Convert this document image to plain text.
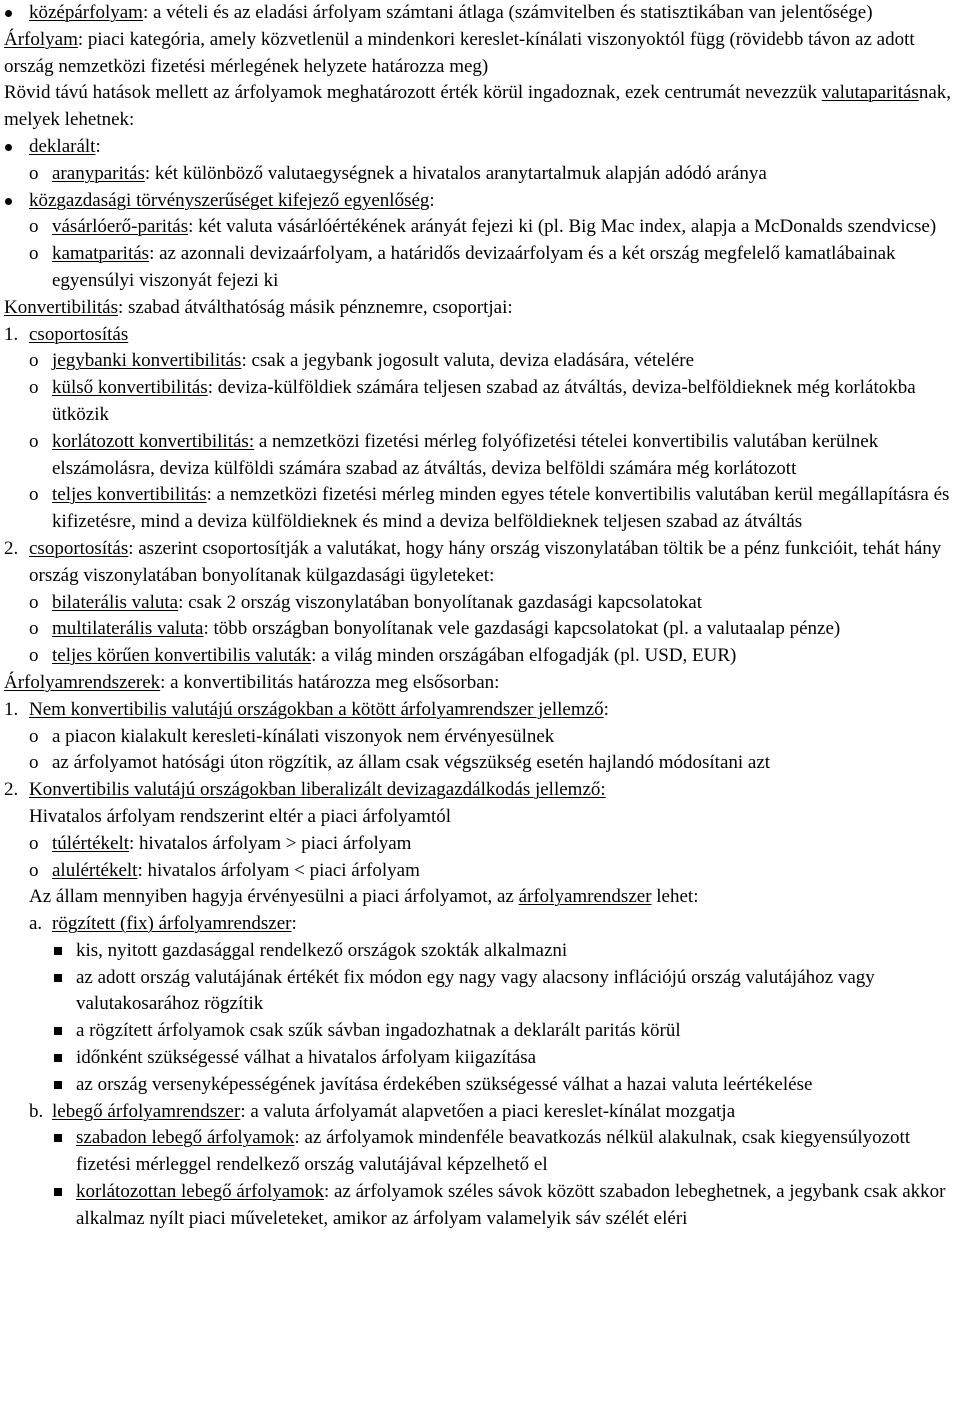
középárfolyam: a vételi és az eladási árfolyam számtani átlaga (számvitelben és statisztikában van jelentősége)
Árfolyam: piaci kategória, amely közvetlenül a mindenkori kereslet-kínálati viszonyoktól függ (rövidebb távon az adott ország nemzetközi fizetési mérlegének helyzete határozza meg)
Rövid távú hatások mellett az árfolyamok meghatározott érték körül ingadoznak, ezek centrumát nevezzük valutaparitásnak, melyek lehetnek:
deklarált:
o aranyparitás: két különböző valutaegységnek a hivatalos aranytartalmuk alapján adódó aránya
közgazdasági törvényszerűséget kifejező egyenlőség:
o vásárlóerő-paritás: két valuta vásárlóértékének arányát fejezi ki (pl. Big Mac index, alapja a McDonalds szendvicse)
o kamatparitás: az azonnali devizaárfolyam, a határidős devizaárfolyam és a két ország megfelelő kamatlábainak egyensúlyi viszonyát fejezi ki
Konvertibilitás: szabad átválthatóság másik pénznemre, csoportjai:
1. csoportosítás
o jegybanki konvertibilitás: csak a jegybank jogosult valuta, deviza eladására, vételére
o külső konvertibilitás: deviza-külföldiek számára teljesen szabad az átváltás, deviza-belföldieknek még korlátokba ütközik
o korlátozott konvertibilitás: a nemzetközi fizetési mérleg folyófizetési tételei konvertibilis valutában kerülnek elszámolásra, deviza külföldi számára szabad az átváltás, deviza belföldi számára még korlátozott
o teljes konvertibilitás: a nemzetközi fizetési mérleg minden egyes tétele konvertibilis valutában kerül megállapításra és kifizetésre, mind a deviza külföldieknek és mind a deviza belföldieknek teljesen szabad az átváltás
2. csoportosítás: aszerint csoportosítják a valutákat, hogy hány ország viszonylatában töltik be a pénz funkcióit, tehát hány ország viszonylatában bonyolítanak külgazdasági ügyleteket:
o bilaterális valuta: csak 2 ország viszonylatában bonyolítanak gazdasági kapcsolatokat
o multilaterális valuta: több országban bonyolítanak vele gazdasági kapcsolatokat (pl. a valutaalap pénze)
o teljes körűen konvertibilis valuták: a világ minden országában elfogadják (pl. USD, EUR)
Árfolyamrendszerek: a konvertibilitás határozza meg elsősorban:
1. Nem konvertibilis valutájú országokban a kötött árfolyamrendszer jellemző:
o a piacon kialakult keresleti-kínálati viszonyok nem érvényesülnek
o az árfolyamot hatósági úton rögzítik, az állam csak végszükség esetén hajlandó módosítani azt
2. Konvertibilis valutájú országokban liberalizált devizagazdálkodás jellemző:
Hivatalos árfolyam rendszerint eltér a piaci árfolyamtól
o túlértékelt: hivatalos árfolyam > piaci árfolyam
o alulértékelt: hivatalos árfolyam < piaci árfolyam
Az állam mennyiben hagyja érvényesülni a piaci árfolyamot, az árfolyamrendszer lehet:
a. rögzített (fix) árfolyamrendszer:
kis, nyitott gazdasággal rendelkező országok szokták alkalmazni
az adott ország valutájának értékét fix módon egy nagy vagy alacsony inflációjú ország valutájához vagy valutakosarához rögzítik
a rögzített árfolyamok csak szűk sávban ingadozhatnak a deklarált paritás körül
időnként szükségessé válhat a hivatalos árfolyam kiigazítása
az ország versenyképességének javítása érdekében szükségessé válhat a hazai valuta leértékelése
b. lebegő árfolyamrendszer: a valuta árfolyamát alapvetően a piaci kereslet-kínálat mozgatja
szabadon lebegő árfolyamok: az árfolyamok mindenféle beavatkozás nélkül alakulnak, csak kiegyensúlyozott fizetési mérleggel rendelkező ország valutájával képzelhető el
korlátozottan lebegő árfolyamok: az árfolyamok széles sávok között szabadon lebeghetnek, a jegybank csak akkor alkalmaz nyílt piaci műveleteket, amikor az árfolyam valamelyik sáv szélét eléri
